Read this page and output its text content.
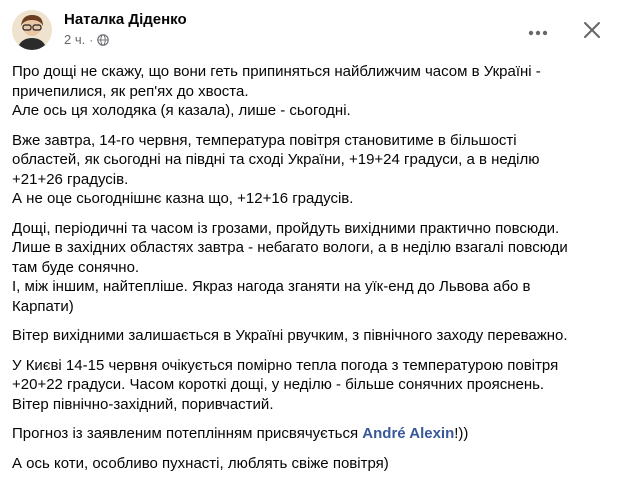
Наталка Діденко
2 ч. ·

Про дощі не скажу, що вони геть припиняться найближчим часом в Україні -
причепилися, як реп'ях до хвоста.
Але ось ця холодяка (я казала), лише - сьогодні.

Вже завтра, 14-го червня, температура повітря становитиме в більшості
областей, як сьогодні на півдні та сході України, +19+24 градуси, а в неділю
+21+26 градусів.
А не оце сьогоднішнє казна що, +12+16 градусів.

Дощі, періодичні та часом із грозами, пройдуть вихідними практично повсюди.
Лише в західних областях завтра - небагато вологи, а в неділю взагалі повсюди
там буде сонячно.
І, між іншим, найтепліше. Якраз нагода зганяти на уїк-енд до Львова або в
Карпати)

Вітер вихідними залишається в Україні рвучким, з північного заходу переважно.

У Києві 14-15 червня очікується помірно тепла погода з температурою повітря
+20+22 градуси. Часом короткі дощі, у неділю - більше сонячних прояснень.
Вітер північно-західний, поривчастий.

Прогноз із заявленим потеплінням присвячується André Alexin!))

А ось коти, особливо пухнасті, люблять свіже повітря)
